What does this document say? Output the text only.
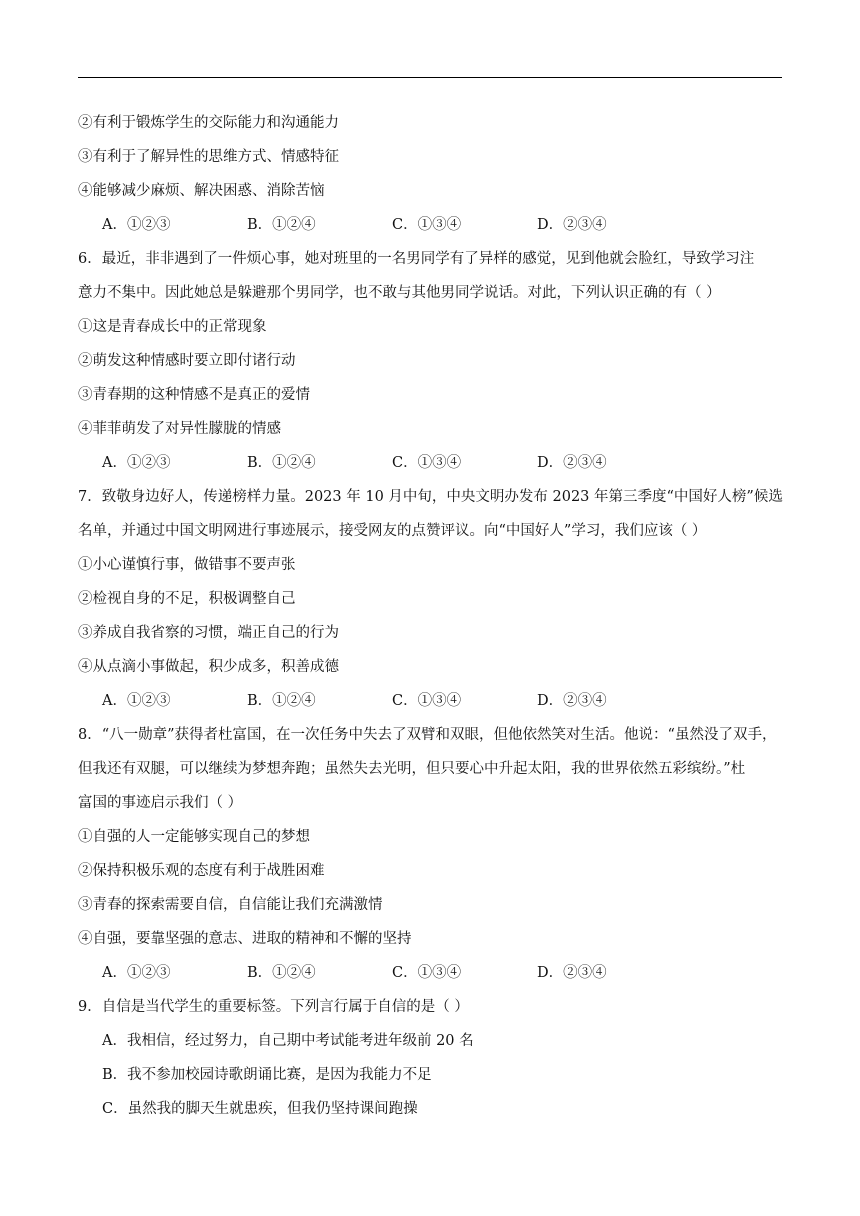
②有利于锻炼学生的交际能力和沟通能力
③有利于了解异性的思维方式、情感特征
④能够减少麻烦、解决困惑、消除苦恼
A．①②③	B．①②④	C．①③④	D．②③④
6．最近，非非遇到了一件烦心事，她对班里的一名男同学有了异样的感觉，见到他就会脸红，导致学习注
意力不集中。因此她总是躲避那个男同学，也不敢与其他男同学说话。对此，下列认识正确的有（ ）
①这是青春成长中的正常现象
②萌发这种情感时要立即付诸行动
③青春期的这种情感不是真正的爱情
④菲菲萌发了对异性朦胧的情感
A．①②③	B．①②④	C．①③④	D．②③④
7．致敬身边好人，传递榜样力量。2023 年 10 月中旬，中央文明办发布 2023 年第三季度“中国好人榜”候选
名单，并通过中国文明网进行事迹展示，接受网友的点赞评议。向“中国好人”学习，我们应该（ ）
①小心谨慎行事，做错事不要声张
②检视自身的不足，积极调整自己
③养成自我省察的习惯，端正自己的行为
④从点滴小事做起，积少成多，积善成德
A．①②③	B．①②④	C．①③④	D．②③④
8．“八一勋章”获得者杜富国，在一次任务中失去了双臂和双眼，但他依然笑对生活。他说：“虽然没了双手，
但我还有双腿，可以继续为梦想奔跑；虽然失去光明，但只要心中升起太阳，我的世界依然五彩缤纷。”杜
富国的事迹启示我们（ ）
①自强的人一定能够实现自己的梦想
②保持积极乐观的态度有利于战胜困难
③青春的探索需要自信，自信能让我们充满激情
④自强，要靠坚强的意志、进取的精神和不懈的坚持
A．①②③	B．①②④	C．①③④	D．②③④
9．自信是当代学生的重要标签。下列言行属于自信的是（ ）
A．我相信，经过努力，自己期中考试能考进年级前 20 名
B．我不参加校园诗歌朗诵比赛，是因为我能力不足
C．虽然我的脚天生就患疾，但我仍坚持课间跑操
